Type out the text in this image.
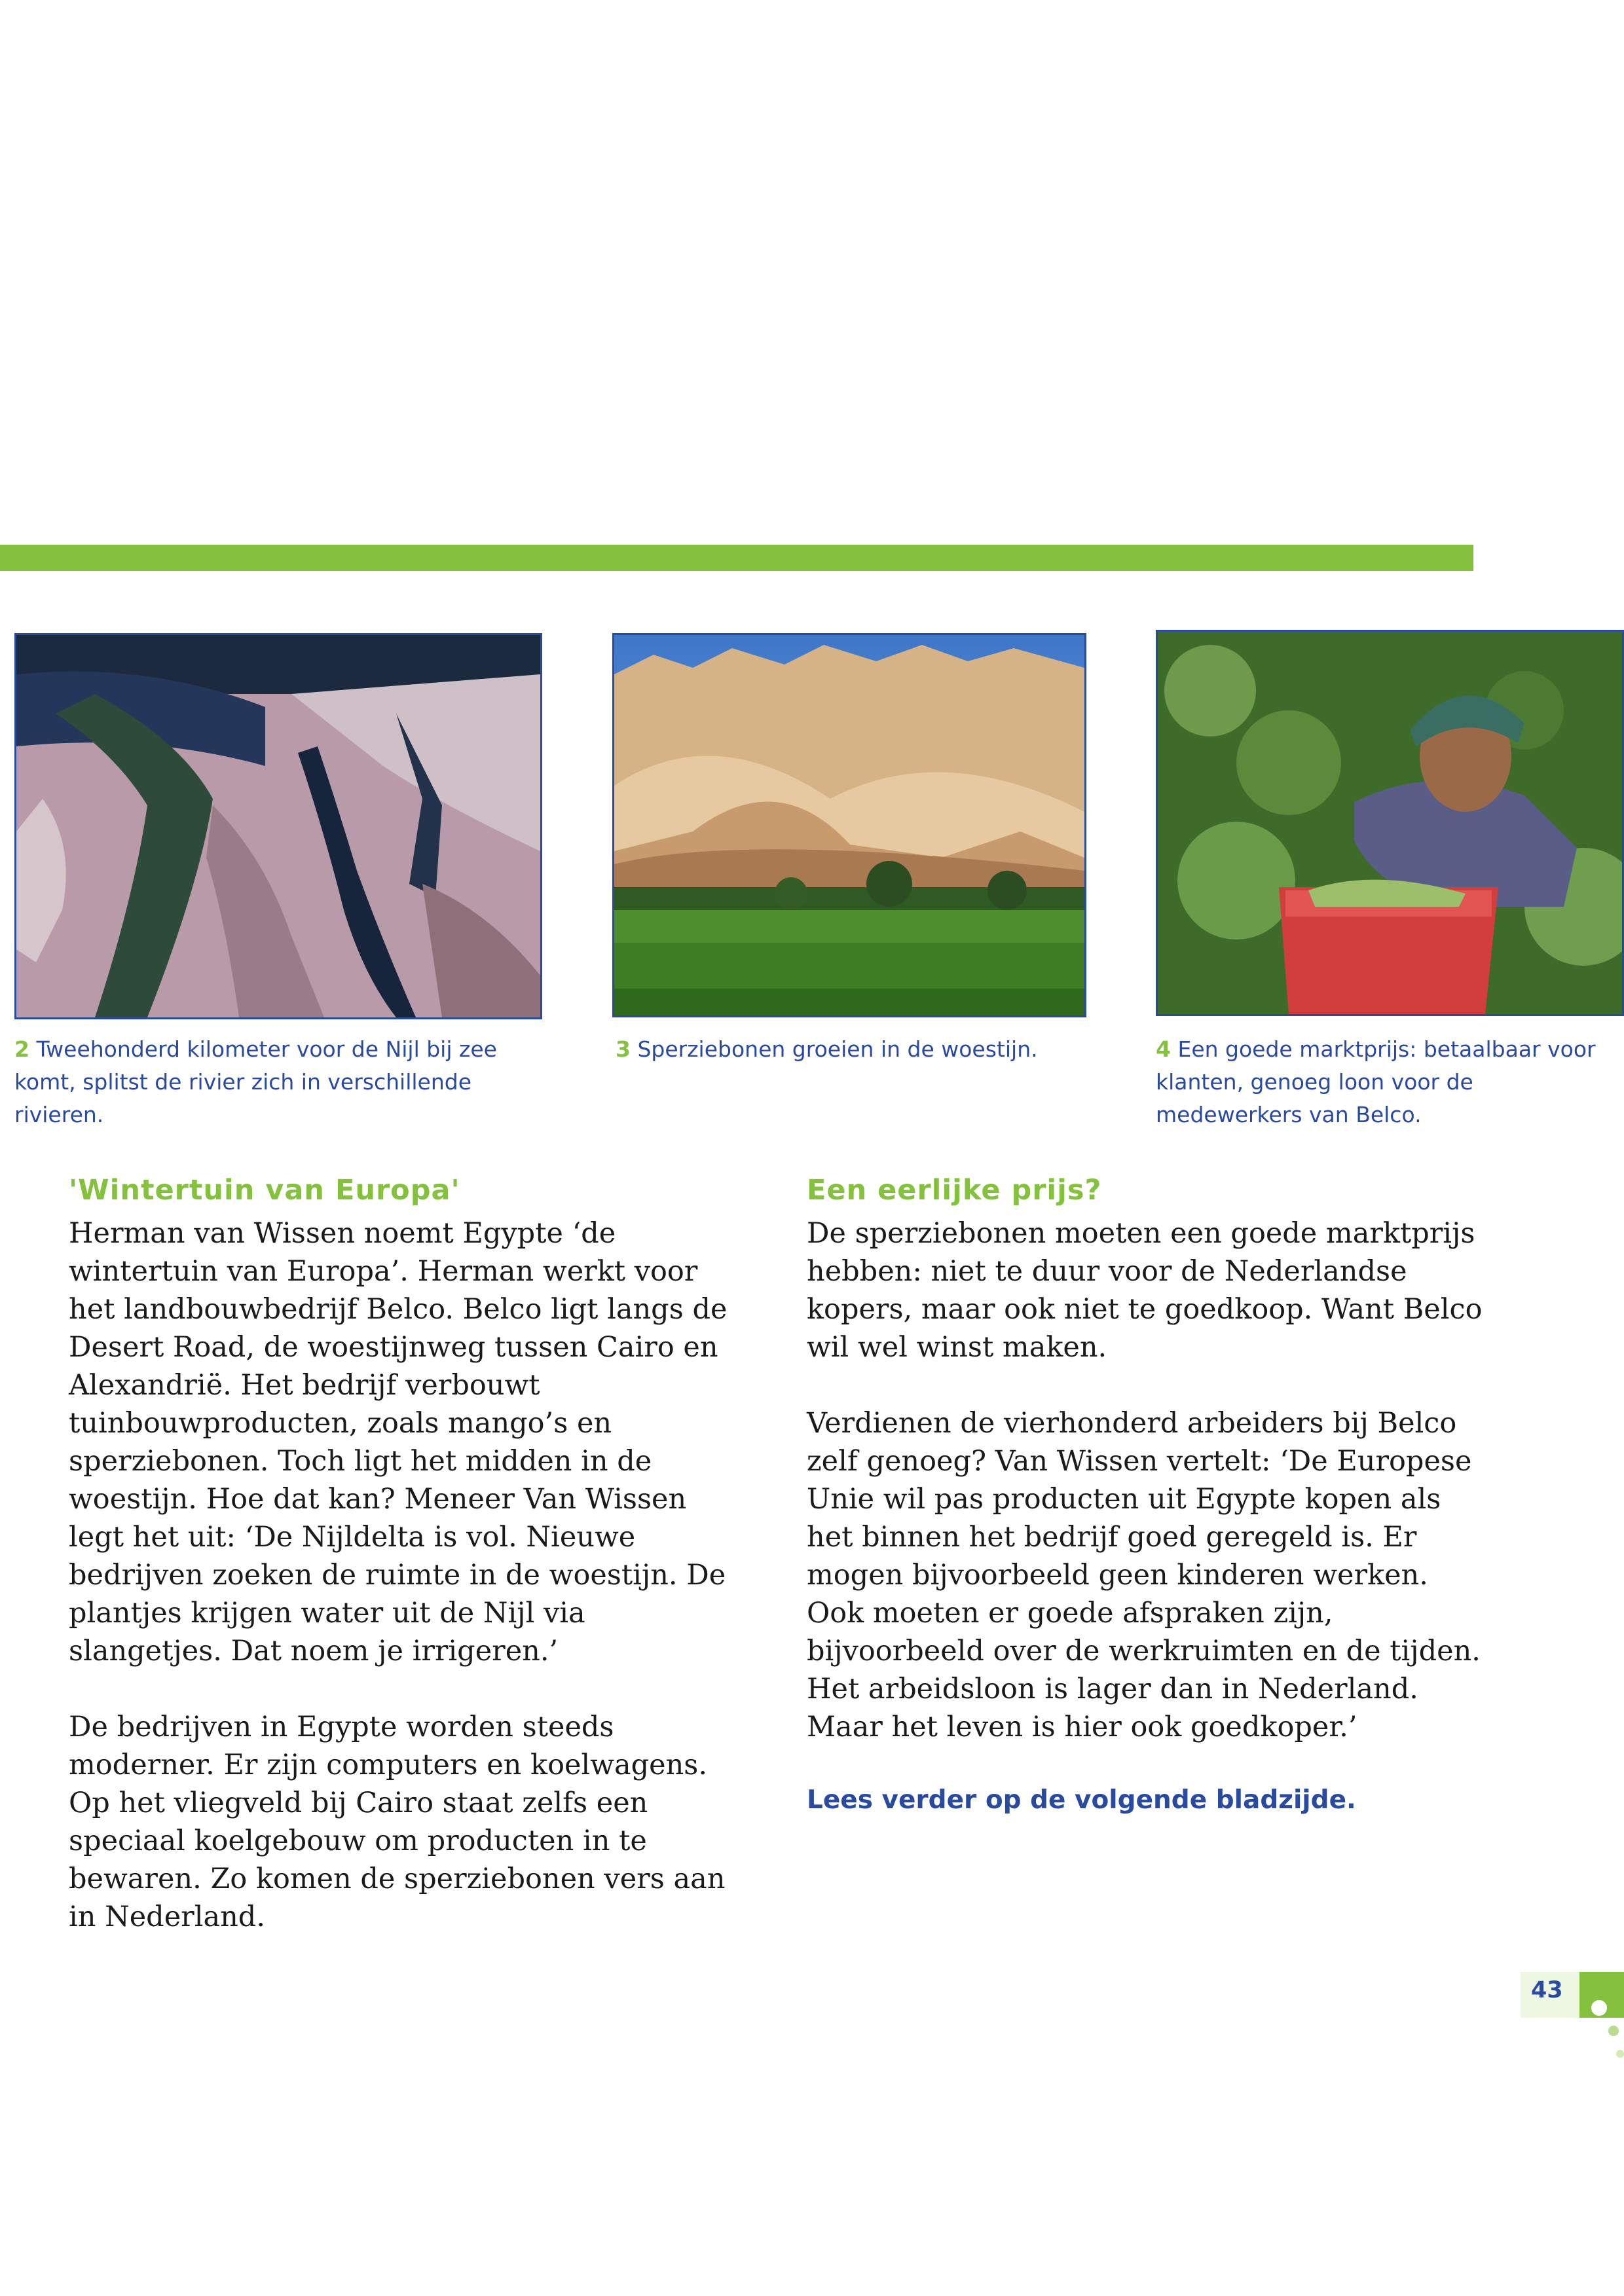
2 Tweehonderd kilometer voor de Nijl bij zee komt, splitst de rivier zich in verschillende rivieren.
3 Sperziebonen groeien in de woestijn.	4 Een goede marktprijs: betaalbaar voor klanten, genoeg loon voor de medewerkers van Belco.
'Wintertuin van Europa'

Herman van Wissen noemt Egypte ‘de wintertuin van Europa’. Herman werkt voor het landbouwbedrijf Belco. Belco ligt langs de Desert Road, de woestijnweg tussen Cairo en Alexandrië. Het bedrijf verbouwt tuinbouwproducten, zoals mango’s en sperziebonen. Toch ligt het midden in de woestijn. Hoe dat kan? Meneer Van Wissen legt het uit: ‘De Nijldelta is vol. Nieuwe bedrijven zoeken de ruimte in de woestijn. De plantjes krijgen water uit de Nijl via slangetjes. Dat noem je irrigeren.’

De bedrijven in Egypte worden steeds moderner. Er zijn computers en koelwagens. Op het vliegveld bij Cairo staat zelfs een speciaal koelgebouw om producten in te bewaren. Zo komen de sperziebonen vers aan in Nederland.

Een eerlijke prijs?

De sperziebonen moeten een goede marktprijs hebben: niet te duur voor de Nederlandse kopers, maar ook niet te goedkoop. Want Belco wil wel winst maken.

Verdienen de vierhonderd arbeiders bij Belco zelf genoeg? Van Wissen vertelt: ‘De Europese Unie wil pas producten uit Egypte kopen als het binnen het bedrijf goed geregeld is. Er mogen bijvoorbeeld geen kinderen werken. Ook moeten er goede afspraken zijn, bijvoorbeeld over de werkruimten en de tijden. Het arbeidsloon is lager dan in Nederland. Maar het leven is hier ook goedkoper.’

Lees verder op de volgende bladzijde.
43
